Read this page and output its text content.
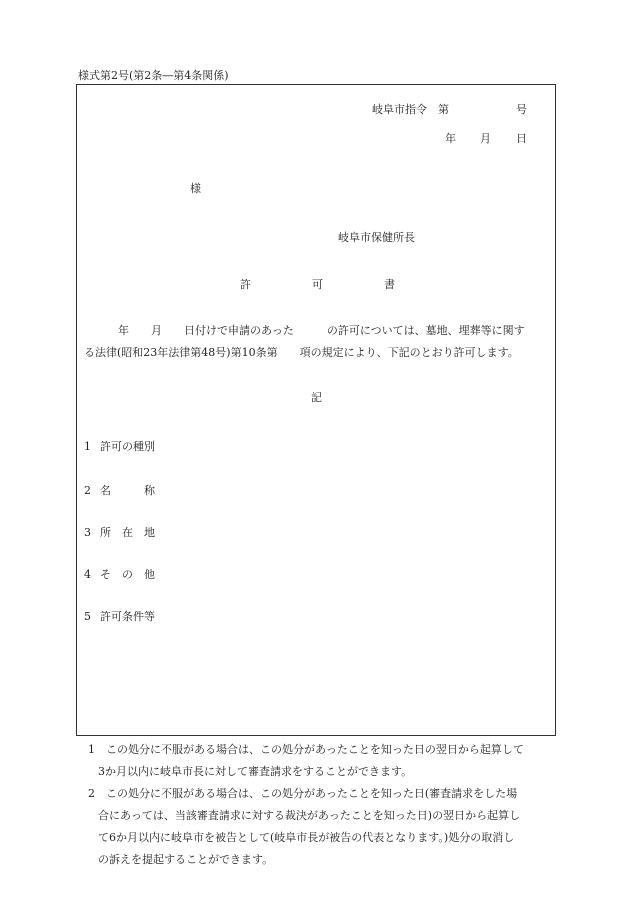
様式第2号(第2条―第4条関係)
岐阜市指令　第	号
年 月 日
様
岐阜市保健所長
許	可	書

年　　月　　日付けで申請のあった　　　の許可については、墓地、埋葬等に関す

る法律(昭和23年法律第48号)第10条第　　項の規定により、下記のとおり許可します。

記
1 許可の種別
2 名　　　称
3 所　在　地
4 そ　の　他
5 許可条件等

1　 この処分に不服がある場合は、この処分があったことを知った日の翌日から起算して

3か月以内に岐阜市長に対して審査請求をすることができます。

2　 この処分に不服がある場合は、この処分があったことを知った日(審査請求をした場

合にあっては、当該審査請求に対する裁決があったことを知った日)の翌日から起算し

て6か月以内に岐阜市を被告として(岐阜市長が被告の代表となります。)処分の取消し

の訴えを提起することができます。
